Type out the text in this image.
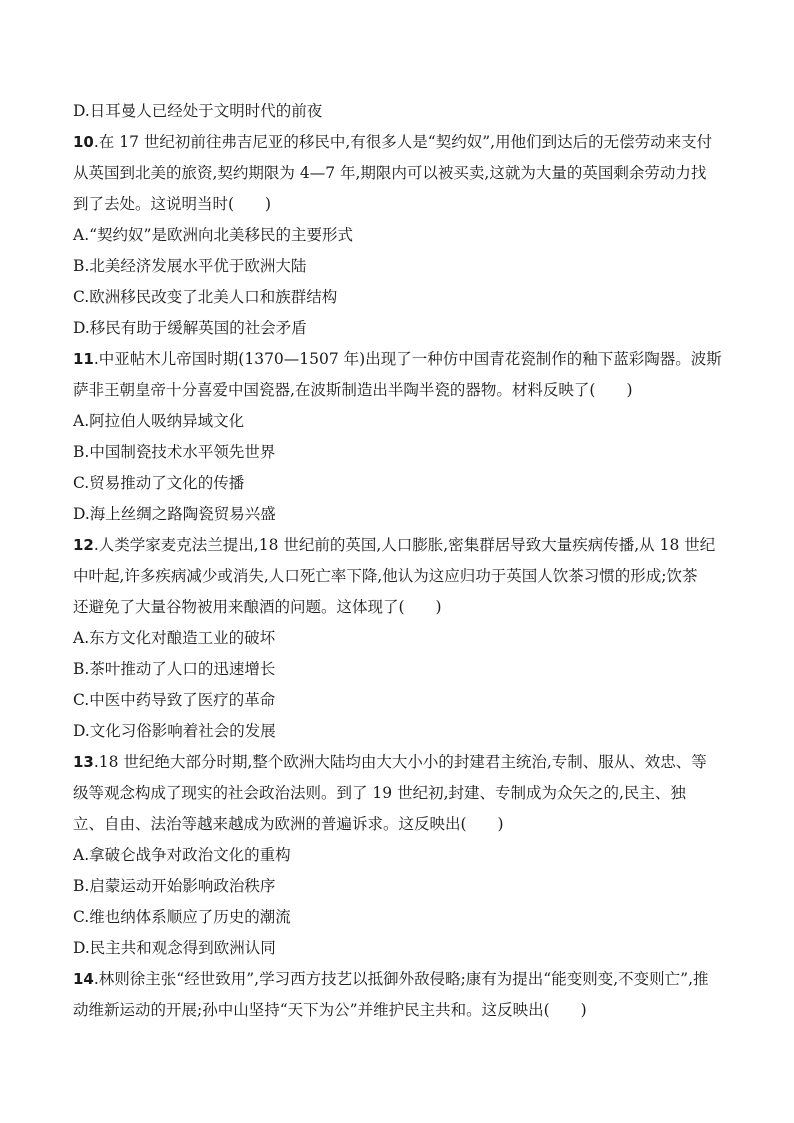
D.日耳曼人已经处于文明时代的前夜
10.在 17 世纪初前往弗吉尼亚的移民中,有很多人是“契约奴”,用他们到达后的无偿劳动来支付
从英国到北美的旅资,契约期限为 4—7 年,期限内可以被买卖,这就为大量的英国剩余劳动力找
到了去处。这说明当时(　　)
A.“契约奴”是欧洲向北美移民的主要形式
B.北美经济发展水平优于欧洲大陆
C.欧洲移民改变了北美人口和族群结构
D.移民有助于缓解英国的社会矛盾
11.中亚帖木儿帝国时期(1370—1507 年)出现了一种仿中国青花瓷制作的釉下蓝彩陶器。波斯
萨非王朝皇帝十分喜爱中国瓷器,在波斯制造出半陶半瓷的器物。材料反映了(　　)
A.阿拉伯人吸纳异域文化
B.中国制瓷技术水平领先世界
C.贸易推动了文化的传播
D.海上丝绸之路陶瓷贸易兴盛
12.人类学家麦克法兰提出,18 世纪前的英国,人口膨胀,密集群居导致大量疾病传播,从 18 世纪
中叶起,许多疾病减少或消失,人口死亡率下降,他认为这应归功于英国人饮茶习惯的形成;饮茶
还避免了大量谷物被用来酿酒的问题。这体现了(　　)
A.东方文化对酿造工业的破坏
B.茶叶推动了人口的迅速增长
C.中医中药导致了医疗的革命
D.文化习俗影响着社会的发展
13.18 世纪绝大部分时期,整个欧洲大陆均由大大小小的封建君主统治,专制、服从、效忠、等
级等观念构成了现实的社会政治法则。到了 19 世纪初,封建、专制成为众矢之的,民主、独
立、自由、法治等越来越成为欧洲的普遍诉求。这反映出(　　)
A.拿破仑战争对政治文化的重构
B.启蒙运动开始影响政治秩序
C.维也纳体系顺应了历史的潮流
D.民主共和观念得到欧洲认同
14.林则徐主张“经世致用”,学习西方技艺以抵御外敌侵略;康有为提出“能变则变,不变则亡”,推
动维新运动的开展;孙中山坚持“天下为公”并维护民主共和。这反映出(　　)
